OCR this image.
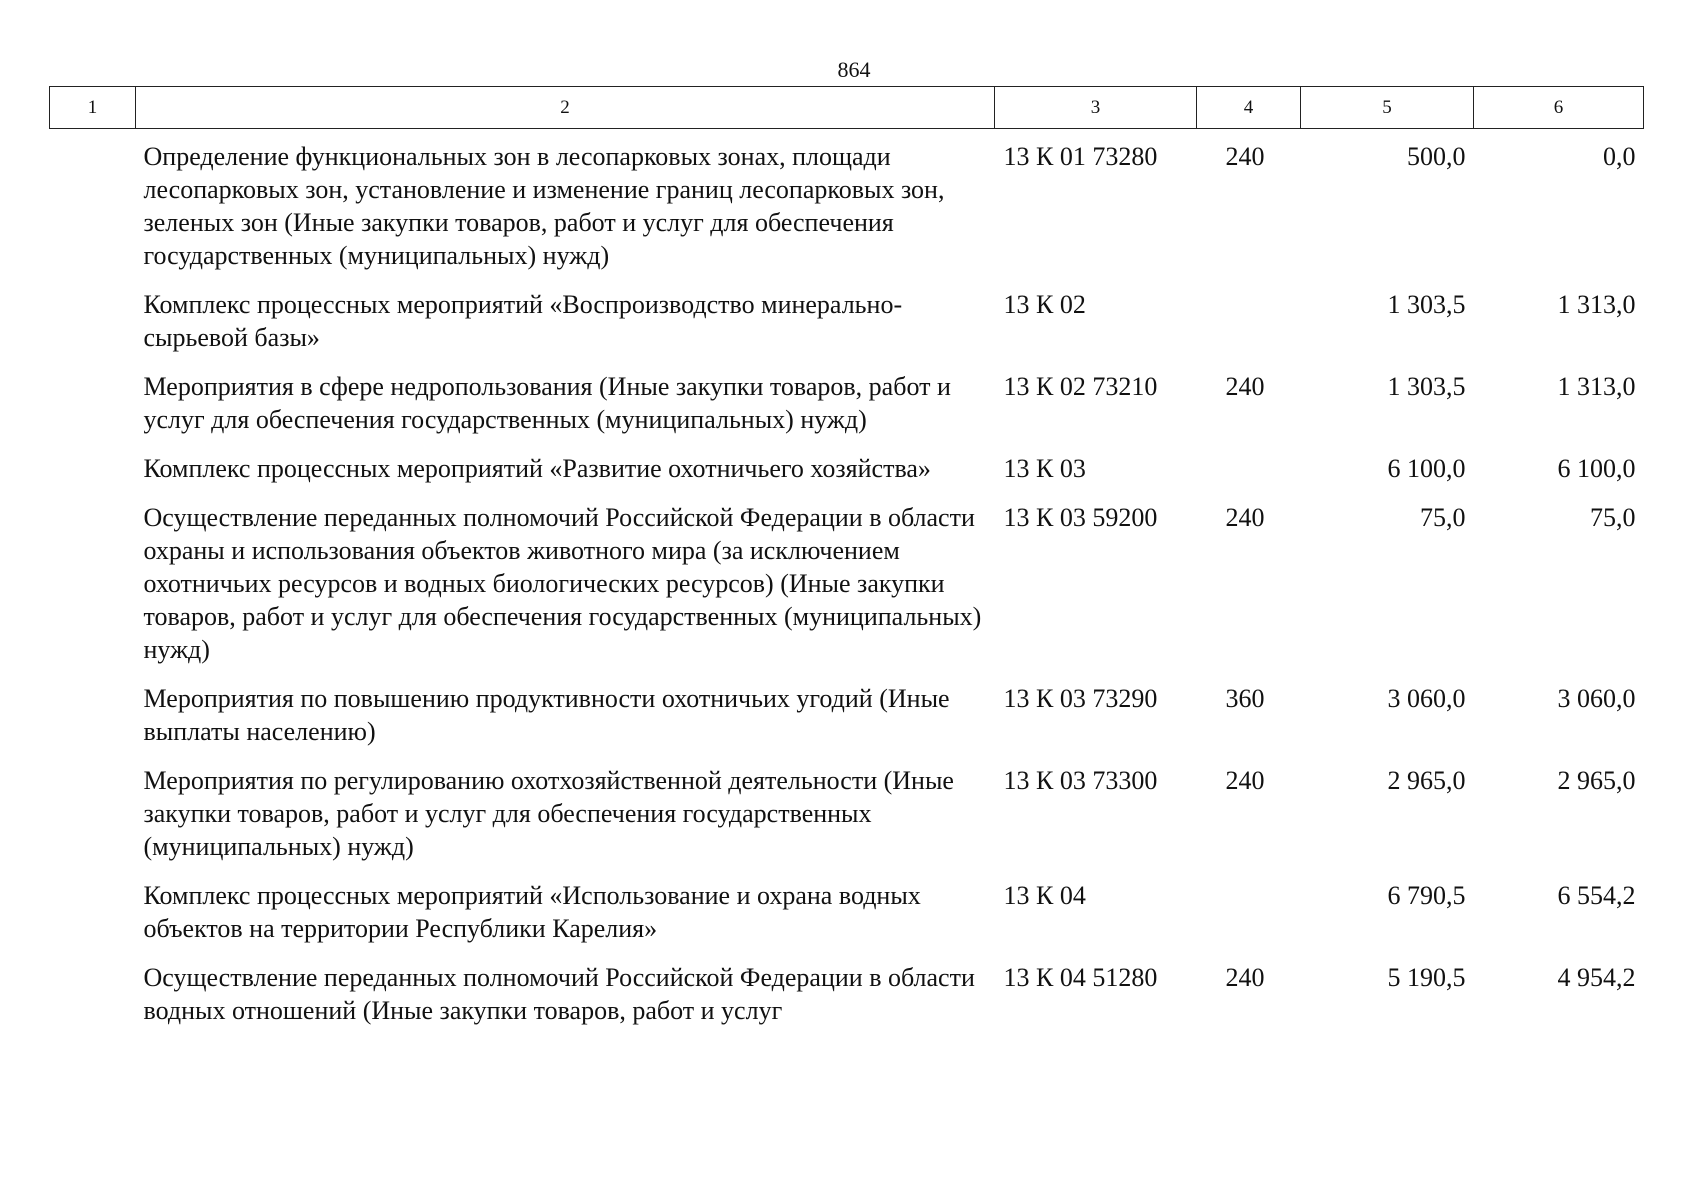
864
1	2	3	4	5	6
	Определение функциональных зон в лесопарковых зонах, площади лесопарковых зон, установление и изменение границ лесопарковых зон, зеленых зон (Иные закупки товаров, работ и услуг для обеспечения государственных (муниципальных) нужд)	13 К 01 73280	240	500,0	0,0
	Комплекс процессных мероприятий «Воспроизводство минерально-сырьевой базы»	13 К 02		1 303,5	1 313,0
	Мероприятия в сфере недропользования (Иные закупки товаров, работ и услуг для обеспечения государственных (муниципальных) нужд)	13 К 02 73210	240	1 303,5	1 313,0
	Комплекс процессных мероприятий «Развитие охотничьего хозяйства»	13 К 03		6 100,0	6 100,0
	Осуществление переданных полномочий Российской Федерации в области охраны и использования объектов животного мира (за исключением охотничьих ресурсов и водных биологических ресурсов) (Иные закупки товаров, работ и услуг для обеспечения государственных (муниципальных) нужд)	13 К 03 59200	240	75,0	75,0
	Мероприятия по повышению продуктивности охотничьих угодий (Иные выплаты населению)	13 К 03 73290	360	3 060,0	3 060,0
	Мероприятия по регулированию охотхозяйственной деятельности (Иные закупки товаров, работ и услуг для обеспечения государственных (муниципальных) нужд)	13 К 03 73300	240	2 965,0	2 965,0
	Комплекс процессных мероприятий «Использование и охрана водных объектов на территории Республики Карелия»	13 К 04		6 790,5	6 554,2
	Осуществление переданных полномочий Российской Федерации в области водных отношений (Иные закупки товаров, работ и услуг	13 К 04 51280	240	5 190,5	4 954,2
